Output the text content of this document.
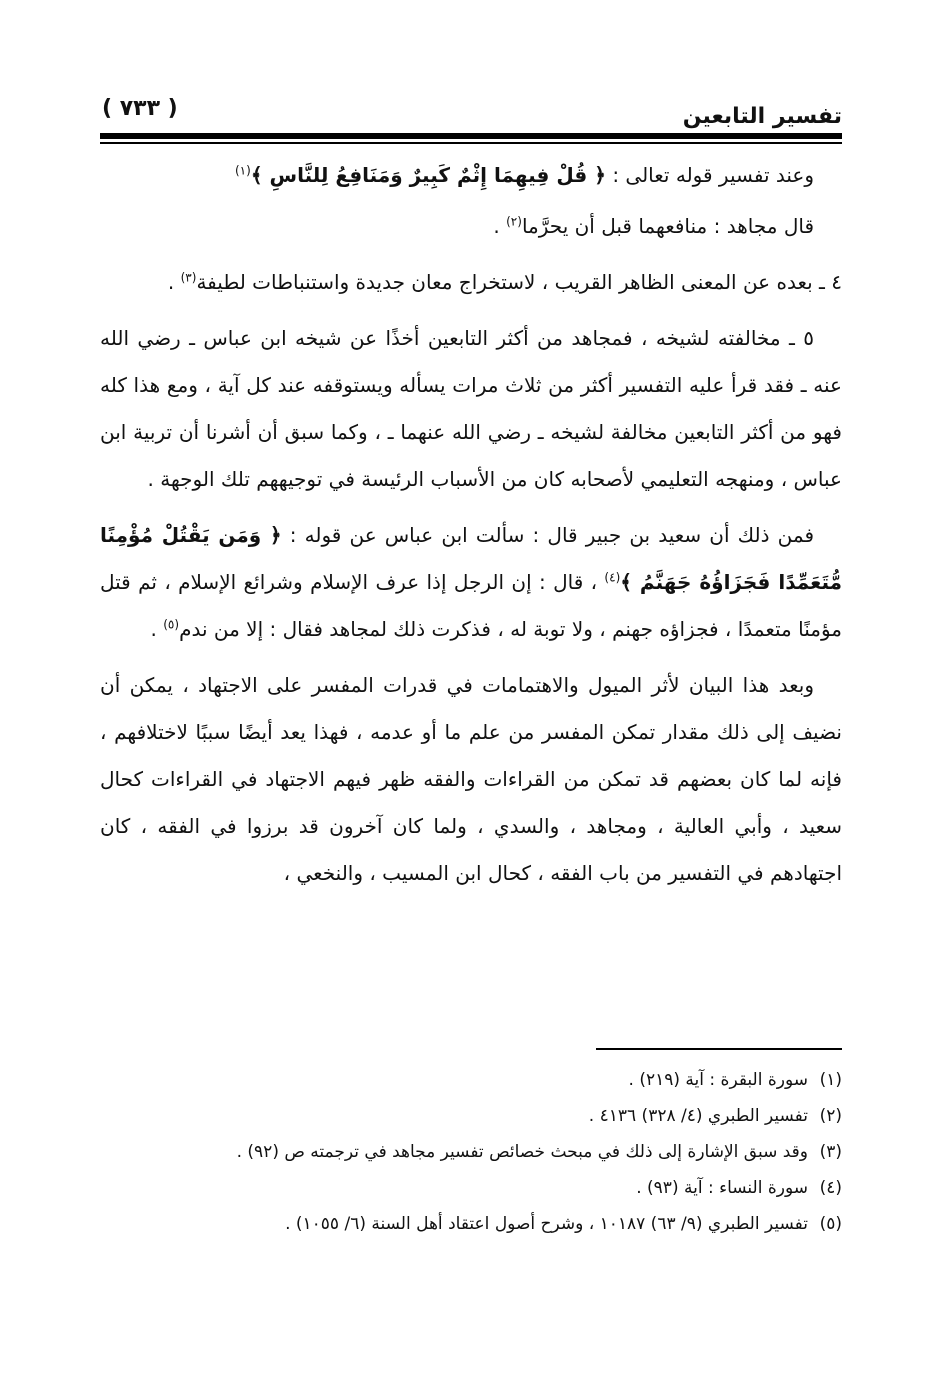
تفسير التابعين
( ٧٣٣ )

وعند تفسير قوله تعالى : ﴿ قُلْ فِيهِمَا إِثْمٌ كَبِيرٌ وَمَنَافِعُ لِلنَّاسِ ﴾$^{(١)}$

قال مجاهد : منافعهما قبل أن يحرَّما$^{(٢)}$ .

٤ ـ بعده عن المعنى الظاهر القريب ، لاستخراج معان جديدة واستنباطات لطيفة$^{(٣)}$ .

٥ ـ مخالفته لشيخه ، فمجاهد من أكثر التابعين أخذًا عن شيخه ابن عباس ـ رضي الله عنه ـ فقد قرأ عليه التفسير أكثر من ثلاث مرات يسأله ويستوقفه عند كل آية ، ومع هذا كله فهو من أكثر التابعين مخالفة لشيخه ـ رضي الله عنهما ـ ، وكما سبق أن أشرنا أن تربية ابن عباس ، ومنهجه التعليمي لأصحابه كان من الأسباب الرئيسة في توجيههم تلك الوجهة .

فمن ذلك أن سعيد بن جبير قال : سألت ابن عباس عن قوله : ﴿ وَمَن يَقْتُلْ مُؤْمِنًا مُّتَعَمِّدًا فَجَزَاؤُهُ جَهَنَّمُ ﴾$^{(٤)}$ ، قال : إن الرجل إذا عرف الإسلام وشرائع الإسلام ، ثم قتل مؤمنًا متعمدًا ، فجزاؤه جهنم ، ولا توبة له ، فذكرت ذلك لمجاهد فقال : إلا من ندم$^{(٥)}$ .

وبعد هذا البيان لأثر الميول والاهتمامات في قدرات المفسر على الاجتهاد ، يمكن أن نضيف إلى ذلك مقدار تمكن المفسر من علم ما أو عدمه ، فهذا يعد أيضًا سببًا لاختلافهم ، فإنه لما كان بعضهم قد تمكن من القراءات والفقه ظهر فيهم الاجتهاد في القراءات كحال سعيد ، وأبي العالية ، ومجاهد ، والسدي ، ولما كان آخرون قد برزوا في الفقه ، كان اجتهادهم في التفسير من باب الفقه ، كحال ابن المسيب ، والنخعي ،

(١)
سورة البقرة : آية (٢١٩) .
(٢)
تفسير الطبري (٤/ ٣٢٨) ٤١٣٦ .
(٣)
وقد سبق الإشارة إلى ذلك في مبحث خصائص تفسير مجاهد في ترجمته ص (٩٢) .
(٤)
سورة النساء : آية (٩٣) .
(٥)
تفسير الطبري (٩/ ٦٣) ١٠١٨٧ ، وشرح أصول اعتقاد أهل السنة (٦/ ١٠٥٥) .
